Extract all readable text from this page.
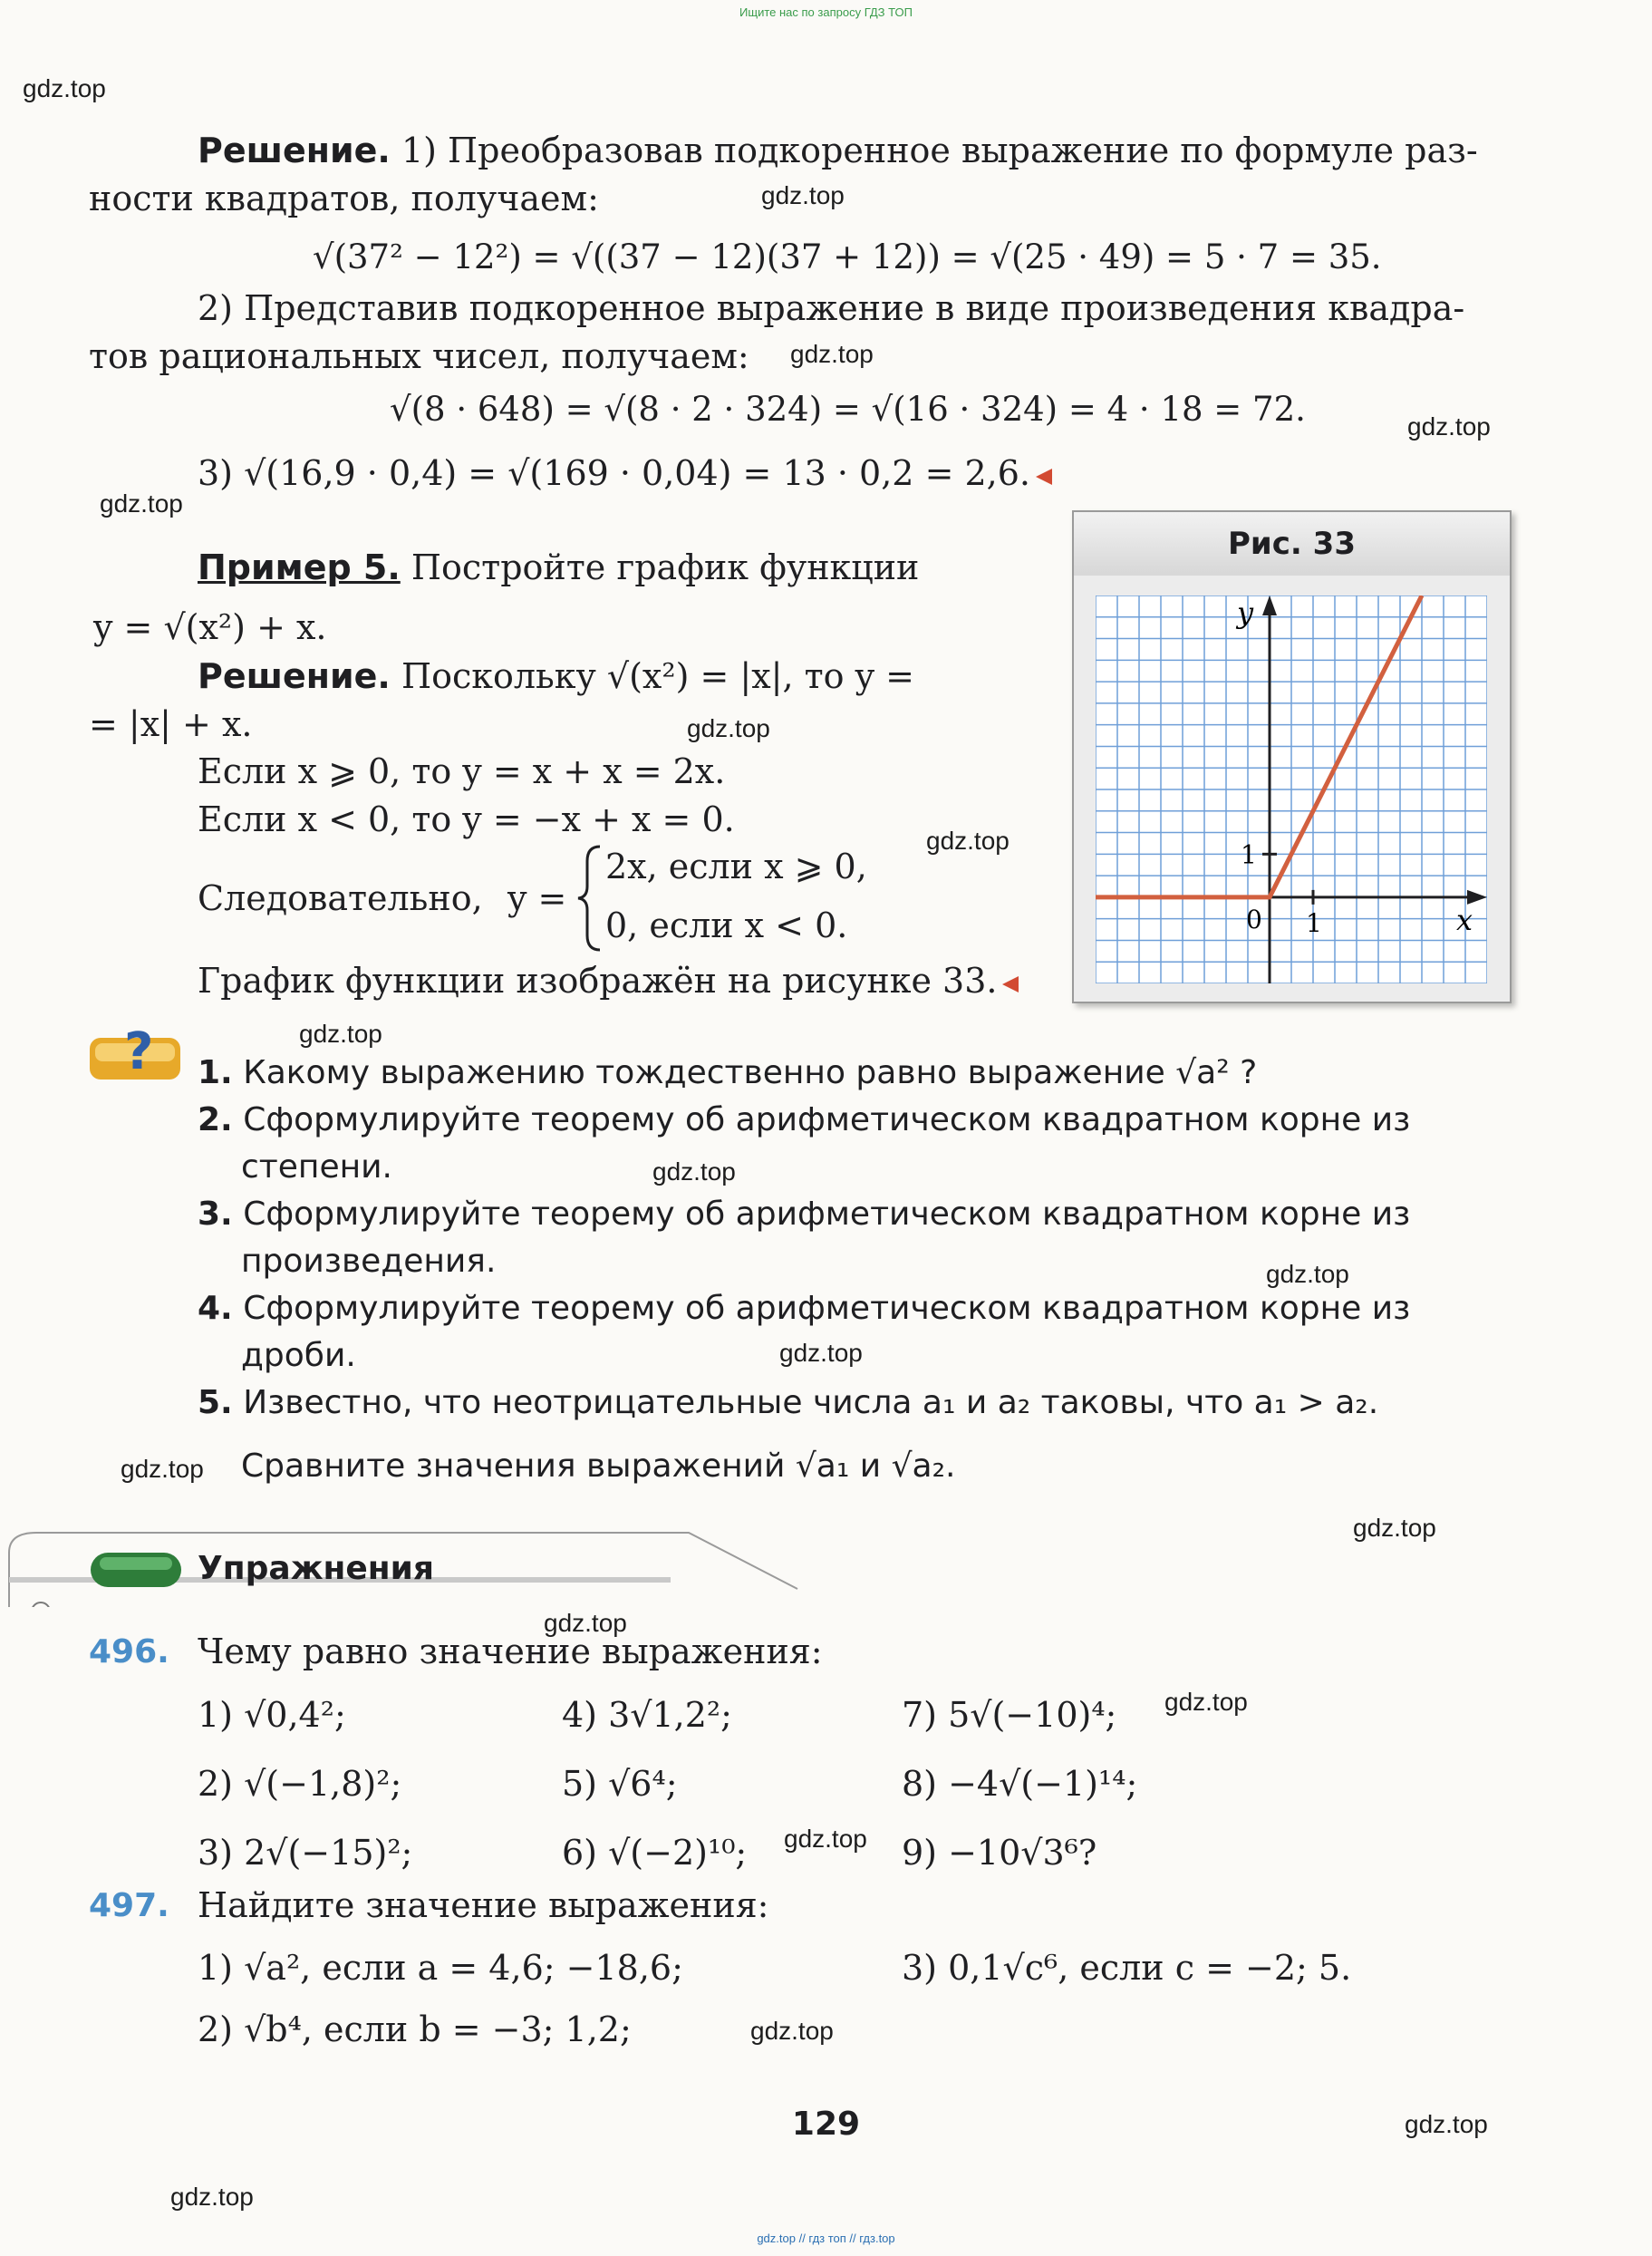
Ищите нас по запросу ГДЗ ТОП
gdz.top // гдз топ // гдз.top
gdz.top
gdz.top
gdz.top
gdz.top
gdz.top
gdz.top
gdz.top
gdz.top
gdz.top
gdz.top
gdz.top
gdz.top
gdz.top
gdz.top
gdz.top
gdz.top
gdz.top
gdz.top
gdz.top
Решение. 1) Преобразовав подкоренное выражение по формуле раз-
ности квадратов, получаем:
√(37² − 12²) = √((37 − 12)(37 + 12)) = √(25 · 49) = 5 · 7 = 35.
2) Представив подкоренное выражение в виде произведения квадра-
тов рациональных чисел, получаем:
√(8 · 648) = √(8 · 2 · 324) = √(16 · 324) = 4 · 18 = 72.
3) √(16,9 · 0,4) = √(169 · 0,04) = 13 · 0,2 = 2,6.
Пример 5. Постройте график функции
y = √(x²) + x.
Решение. Поскольку √(x²) = |x|, то y =
= |x| + x.
Если x ⩾ 0, то y = x + x = 2x.
Если x < 0, то y = −x + x = 0.
Следовательно, y =
2x, если x ⩾ 0,
0, если x < 0.
График функции изображён на рисунке 33.
Рис. 33
y
x
0 1
1
? 1. Какому выражению тождественно равно выражение √a² ?
2. Сформулируйте теорему об арифметическом квадратном корне из
степени.
3. Сформулируйте теорему об арифметическом квадратном корне из
произведения.
4. Сформулируйте теорему об арифметическом квадратном корне из
дроби.
5. Известно, что неотрицательные числа a₁ и a₂ таковы, что a₁ > a₂.
Сравните значения выражений √a₁ и √a₂.
Упражнения
496. Чему равно значение выражения:
1) √0,4²;	4) 3√1,2²;	7) 5√(−10)⁴;
2) √(−1,8)²;	5) √6⁴;	8) −4√(−1)¹⁴;
3) 2√(−15)²;	6) √(−2)¹⁰;	9) −10√3⁶?
497. Найдите значение выражения:
1) √a², если a = 4,6; −18,6;	3) 0,1√c⁶, если c = −2; 5.
2) √b⁴, если b = −3; 1,2;
129
